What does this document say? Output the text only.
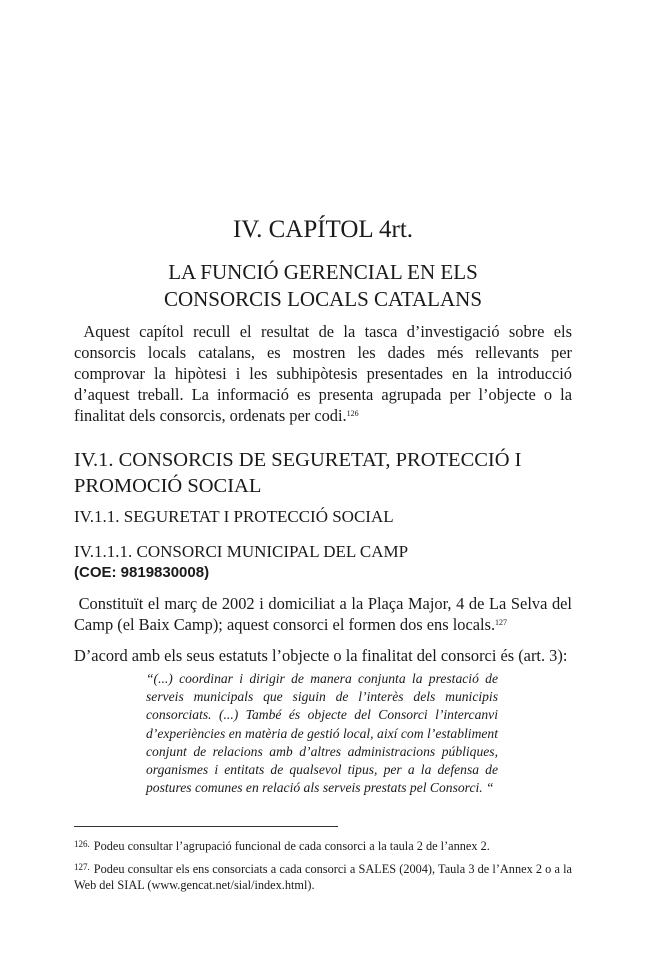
IV. CAPÍTOL 4rt.
LA FUNCIÓ GERENCIAL EN ELS
CONSORCIS LOCALS CATALANS
Aquest capítol recull el resultat de la tasca d’investigació sobre els consorcis locals catalans, es mostren les dades més rellevants per comprovar la hipòtesi i les subhipòtesis presentades en la introducció d’aquest treball. La informació es presenta agrupada per l’objecte o la finalitat dels consorcis, ordenats per codi.$^{126}$
IV.1. CONSORCIS DE SEGURETAT, PROTECCIÓ I
PROMOCIÓ SOCIAL
IV.1.1. SEGURETAT I PROTECCIÓ SOCIAL
IV.1.1.1. CONSORCI MUNICIPAL DEL CAMP
(COE: 9819830008)
Constituït el març de 2002 i domiciliat a la Plaça Major, 4 de La Selva del Camp (el Baix Camp); aquest consorci el formen dos ens locals.$^{127}$
D’acord amb els seus estatuts l’objecte o la finalitat del consorci és (art. 3):
“(...) coordinar i dirigir de manera conjunta la prestació de serveis municipals que siguin de l’interès dels municipis consorciats. (...) També és objecte del Consorci l’intercanvi d’experiències en matèria de gestió local, així com l’establiment conjunt de relacions amb d’altres administracions públiques, organismes i entitats de qualsevol tipus, per a la defensa de postures comunes en relació als serveis prestats pel Consorci. “
$^{126.}$ Podeu consultar l’agrupació funcional de cada consorci a la taula 2 de l’annex 2.
$^{127.}$ Podeu consultar els ens consorciats a cada consorci a SALES (2004), Taula 3 de l’Annex 2 o a la Web del SIAL (www.gencat.net/sial/index.html).
